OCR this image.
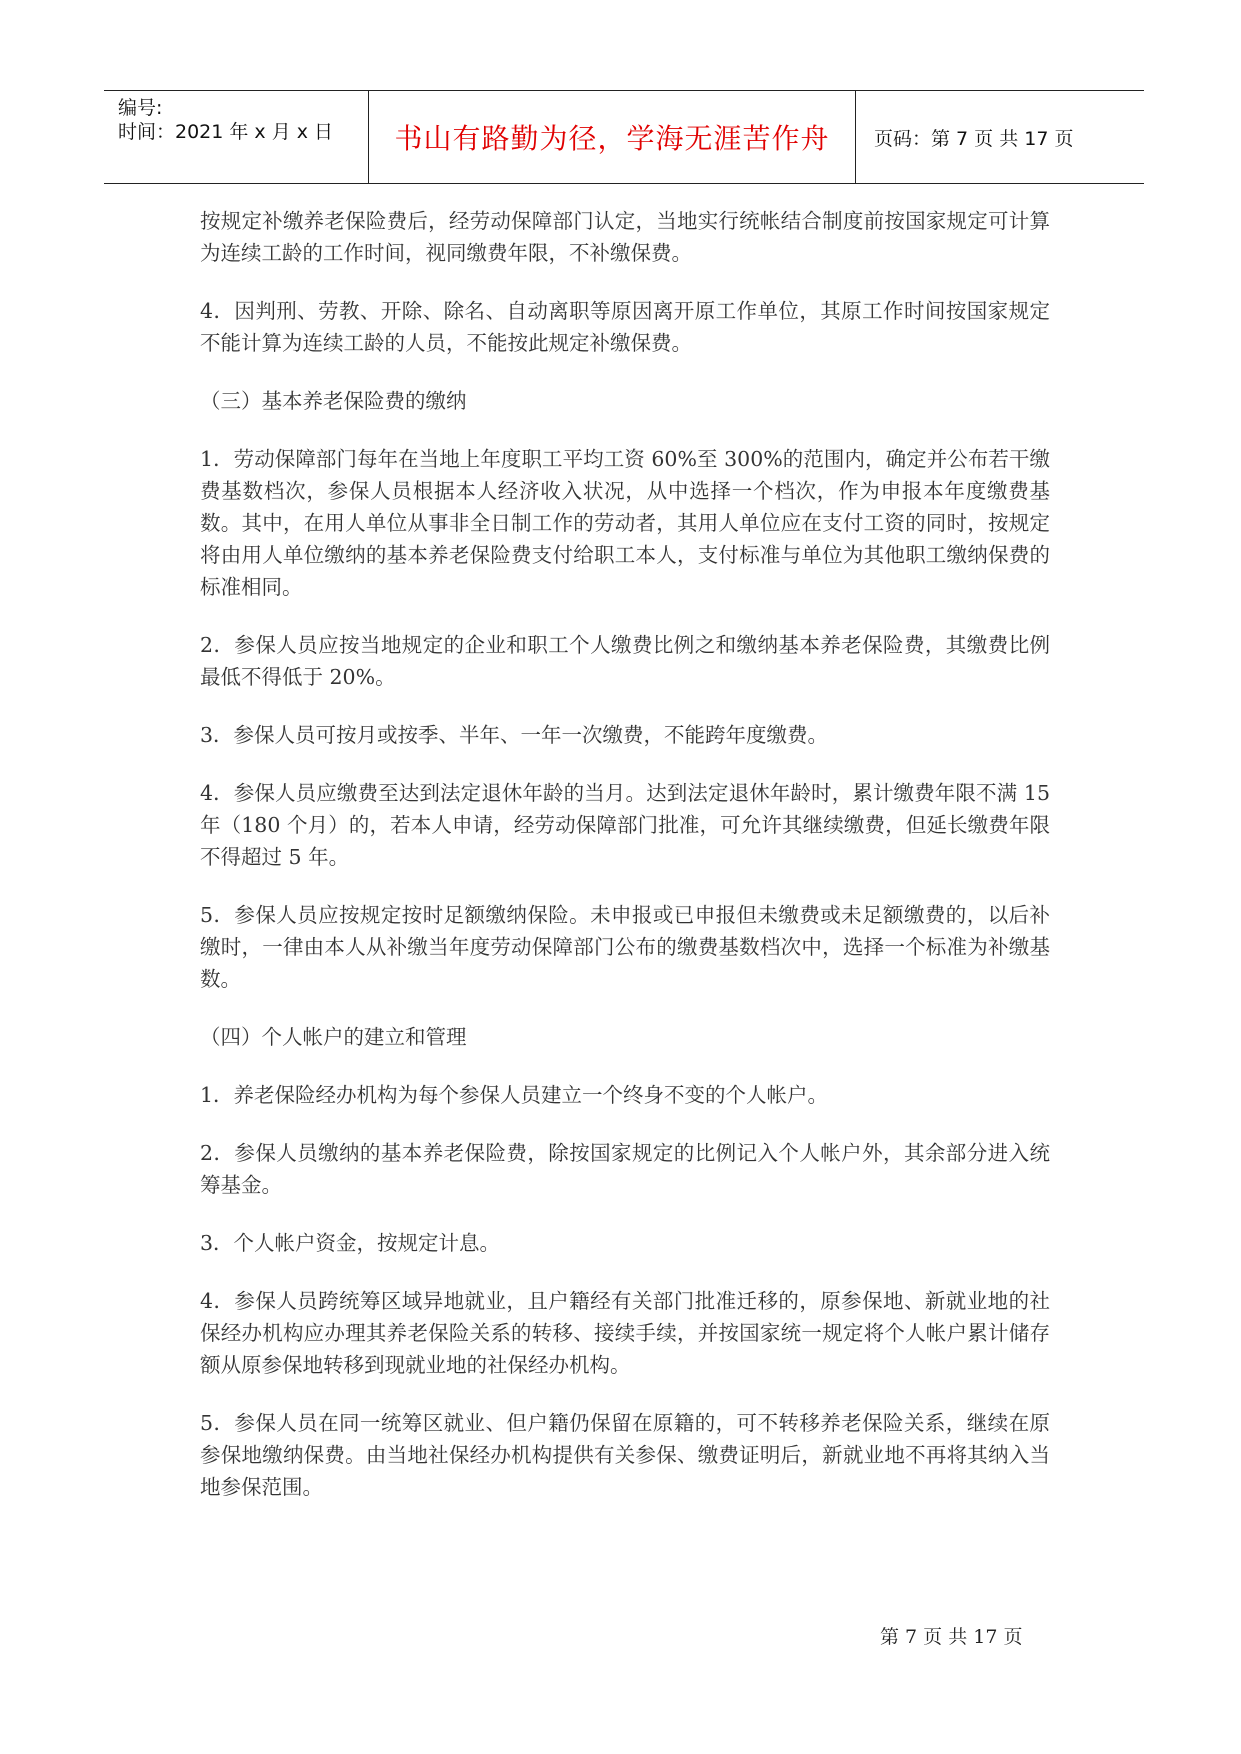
编号:
时间：2021 年 x 月 x 日 书山有路勤为径，学海无涯苦作舟 页码：第 7 页 共 17 页

按规定补缴养老保险费后，经劳动保障部门认定，当地实行统帐结合制度前按国家规定可计算为连续工龄的工作时间，视同缴费年限，不补缴保费。

4．因判刑、劳教、开除、除名、自动离职等原因离开原工作单位，其原工作时间按国家规定不能计算为连续工龄的人员，不能按此规定补缴保费。

（三）基本养老保险费的缴纳

1．劳动保障部门每年在当地上年度职工平均工资 60%至 300%的范围内，确定并公布若干缴费基数档次，参保人员根据本人经济收入状况，从中选择一个档次，作为申报本年度缴费基数。其中，在用人单位从事非全日制工作的劳动者，其用人单位应在支付工资的同时，按规定将由用人单位缴纳的基本养老保险费支付给职工本人，支付标准与单位为其他职工缴纳保费的标准相同。

2．参保人员应按当地规定的企业和职工个人缴费比例之和缴纳基本养老保险费，其缴费比例最低不得低于 20%。

3．参保人员可按月或按季、半年、一年一次缴费，不能跨年度缴费。

4．参保人员应缴费至达到法定退休年龄的当月。达到法定退休年龄时，累计缴费年限不满 15 年（180 个月）的，若本人申请，经劳动保障部门批准，可允许其继续缴费，但延长缴费年限不得超过 5 年。

5．参保人员应按规定按时足额缴纳保险。未申报或已申报但未缴费或未足额缴费的，以后补缴时，一律由本人从补缴当年度劳动保障部门公布的缴费基数档次中，选择一个标准为补缴基数。

（四）个人帐户的建立和管理

1．养老保险经办机构为每个参保人员建立一个终身不变的个人帐户。

2．参保人员缴纳的基本养老保险费，除按国家规定的比例记入个人帐户外，其余部分进入统筹基金。

3．个人帐户资金，按规定计息。

4．参保人员跨统筹区域异地就业，且户籍经有关部门批准迁移的，原参保地、新就业地的社保经办机构应办理其养老保险关系的转移、接续手续，并按国家统一规定将个人帐户累计储存额从原参保地转移到现就业地的社保经办机构。

5．参保人员在同一统筹区就业、但户籍仍保留在原籍的，可不转移养老保险关系，继续在原参保地缴纳保费。由当地社保经办机构提供有关参保、缴费证明后，新就业地不再将其纳入当地参保范围。

第 7 页 共 17 页
